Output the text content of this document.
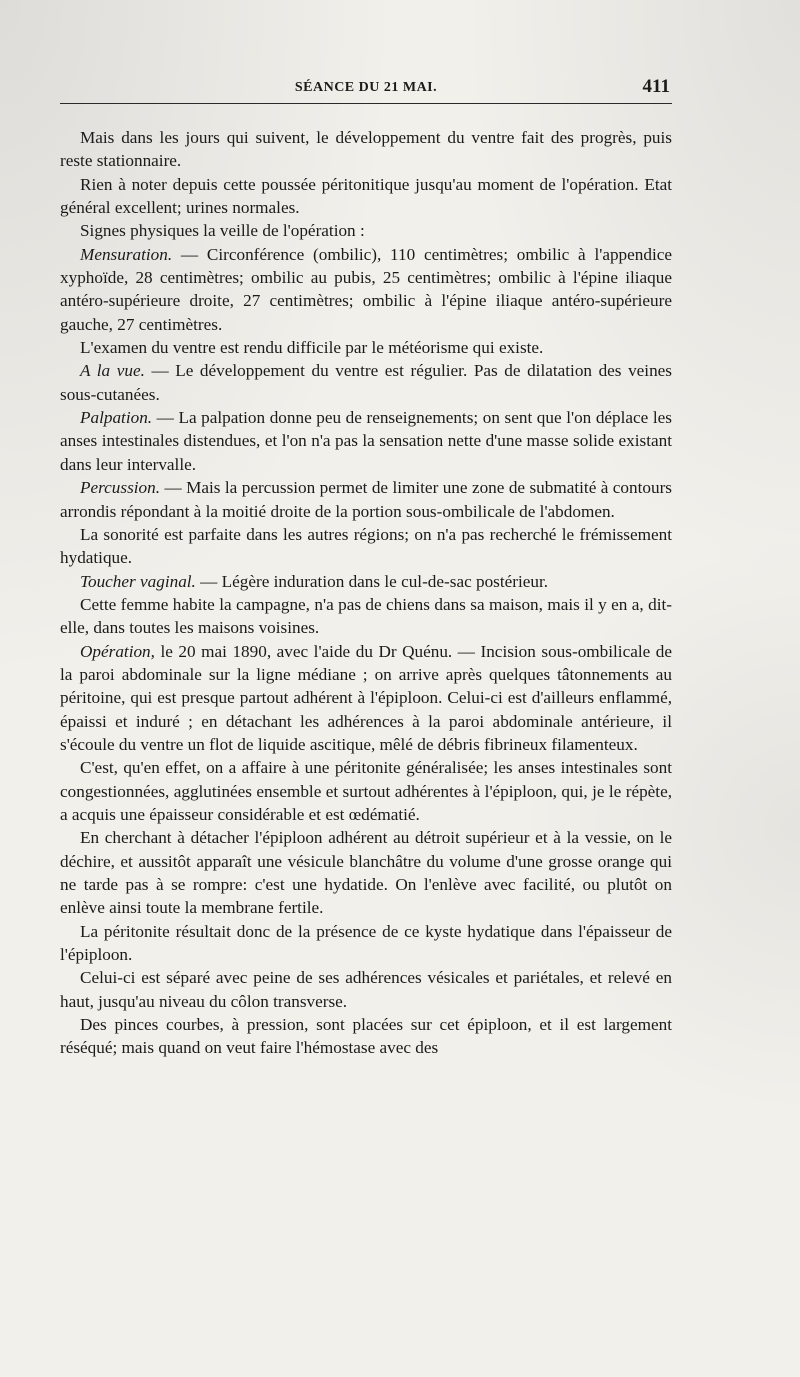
SÉANCE DU 21 MAI.	411

Mais dans les jours qui suivent, le développement du ventre fait des progrès, puis reste stationnaire.

Rien à noter depuis cette poussée péritonitique jusqu'au moment de l'opération. Etat général excellent; urines normales.

Signes physiques la veille de l'opération :

Mensuration. — Circonférence (ombilic), 110 centimètres; ombilic à l'appendice xyphoïde, 28 centimètres; ombilic au pubis, 25 centimètres; ombilic à l'épine iliaque antéro-supérieure droite, 27 centimètres; ombilic à l'épine iliaque antéro-supérieure gauche, 27 centimètres.

L'examen du ventre est rendu difficile par le météorisme qui existe.

A la vue. — Le développement du ventre est régulier. Pas de dilatation des veines sous-cutanées.

Palpation. — La palpation donne peu de renseignements; on sent que l'on déplace les anses intestinales distendues, et l'on n'a pas la sensation nette d'une masse solide existant dans leur intervalle.

Percussion. — Mais la percussion permet de limiter une zone de submatité à contours arrondis répondant à la moitié droite de la portion sous-ombilicale de l'abdomen.

La sonorité est parfaite dans les autres régions; on n'a pas recherché le frémissement hydatique.

Toucher vaginal. — Légère induration dans le cul-de-sac postérieur.

Cette femme habite la campagne, n'a pas de chiens dans sa maison, mais il y en a, dit-elle, dans toutes les maisons voisines.

Opération, le 20 mai 1890, avec l'aide du Dr Quénu. — Incision sous-ombilicale de la paroi abdominale sur la ligne médiane ; on arrive après quelques tâtonnements au péritoine, qui est presque partout adhérent à l'épiploon. Celui-ci est d'ailleurs enflammé, épaissi et induré ; en détachant les adhérences à la paroi abdominale antérieure, il s'écoule du ventre un flot de liquide ascitique, mêlé de débris fibrineux filamenteux.

C'est, qu'en effet, on a affaire à une péritonite généralisée; les anses intestinales sont congestionnées, agglutinées ensemble et surtout adhérentes à l'épiploon, qui, je le répète, a acquis une épaisseur considérable et est œdématié.

En cherchant à détacher l'épiploon adhérent au détroit supérieur et à la vessie, on le déchire, et aussitôt apparaît une vésicule blanchâtre du volume d'une grosse orange qui ne tarde pas à se rompre: c'est une hydatide. On l'enlève avec facilité, ou plutôt on enlève ainsi toute la membrane fertile.

La péritonite résultait donc de la présence de ce kyste hydatique dans l'épaisseur de l'épiploon.

Celui-ci est séparé avec peine de ses adhérences vésicales et pariétales, et relevé en haut, jusqu'au niveau du côlon transverse.

Des pinces courbes, à pression, sont placées sur cet épiploon, et il est largement réséqué; mais quand on veut faire l'hémostase avec des
